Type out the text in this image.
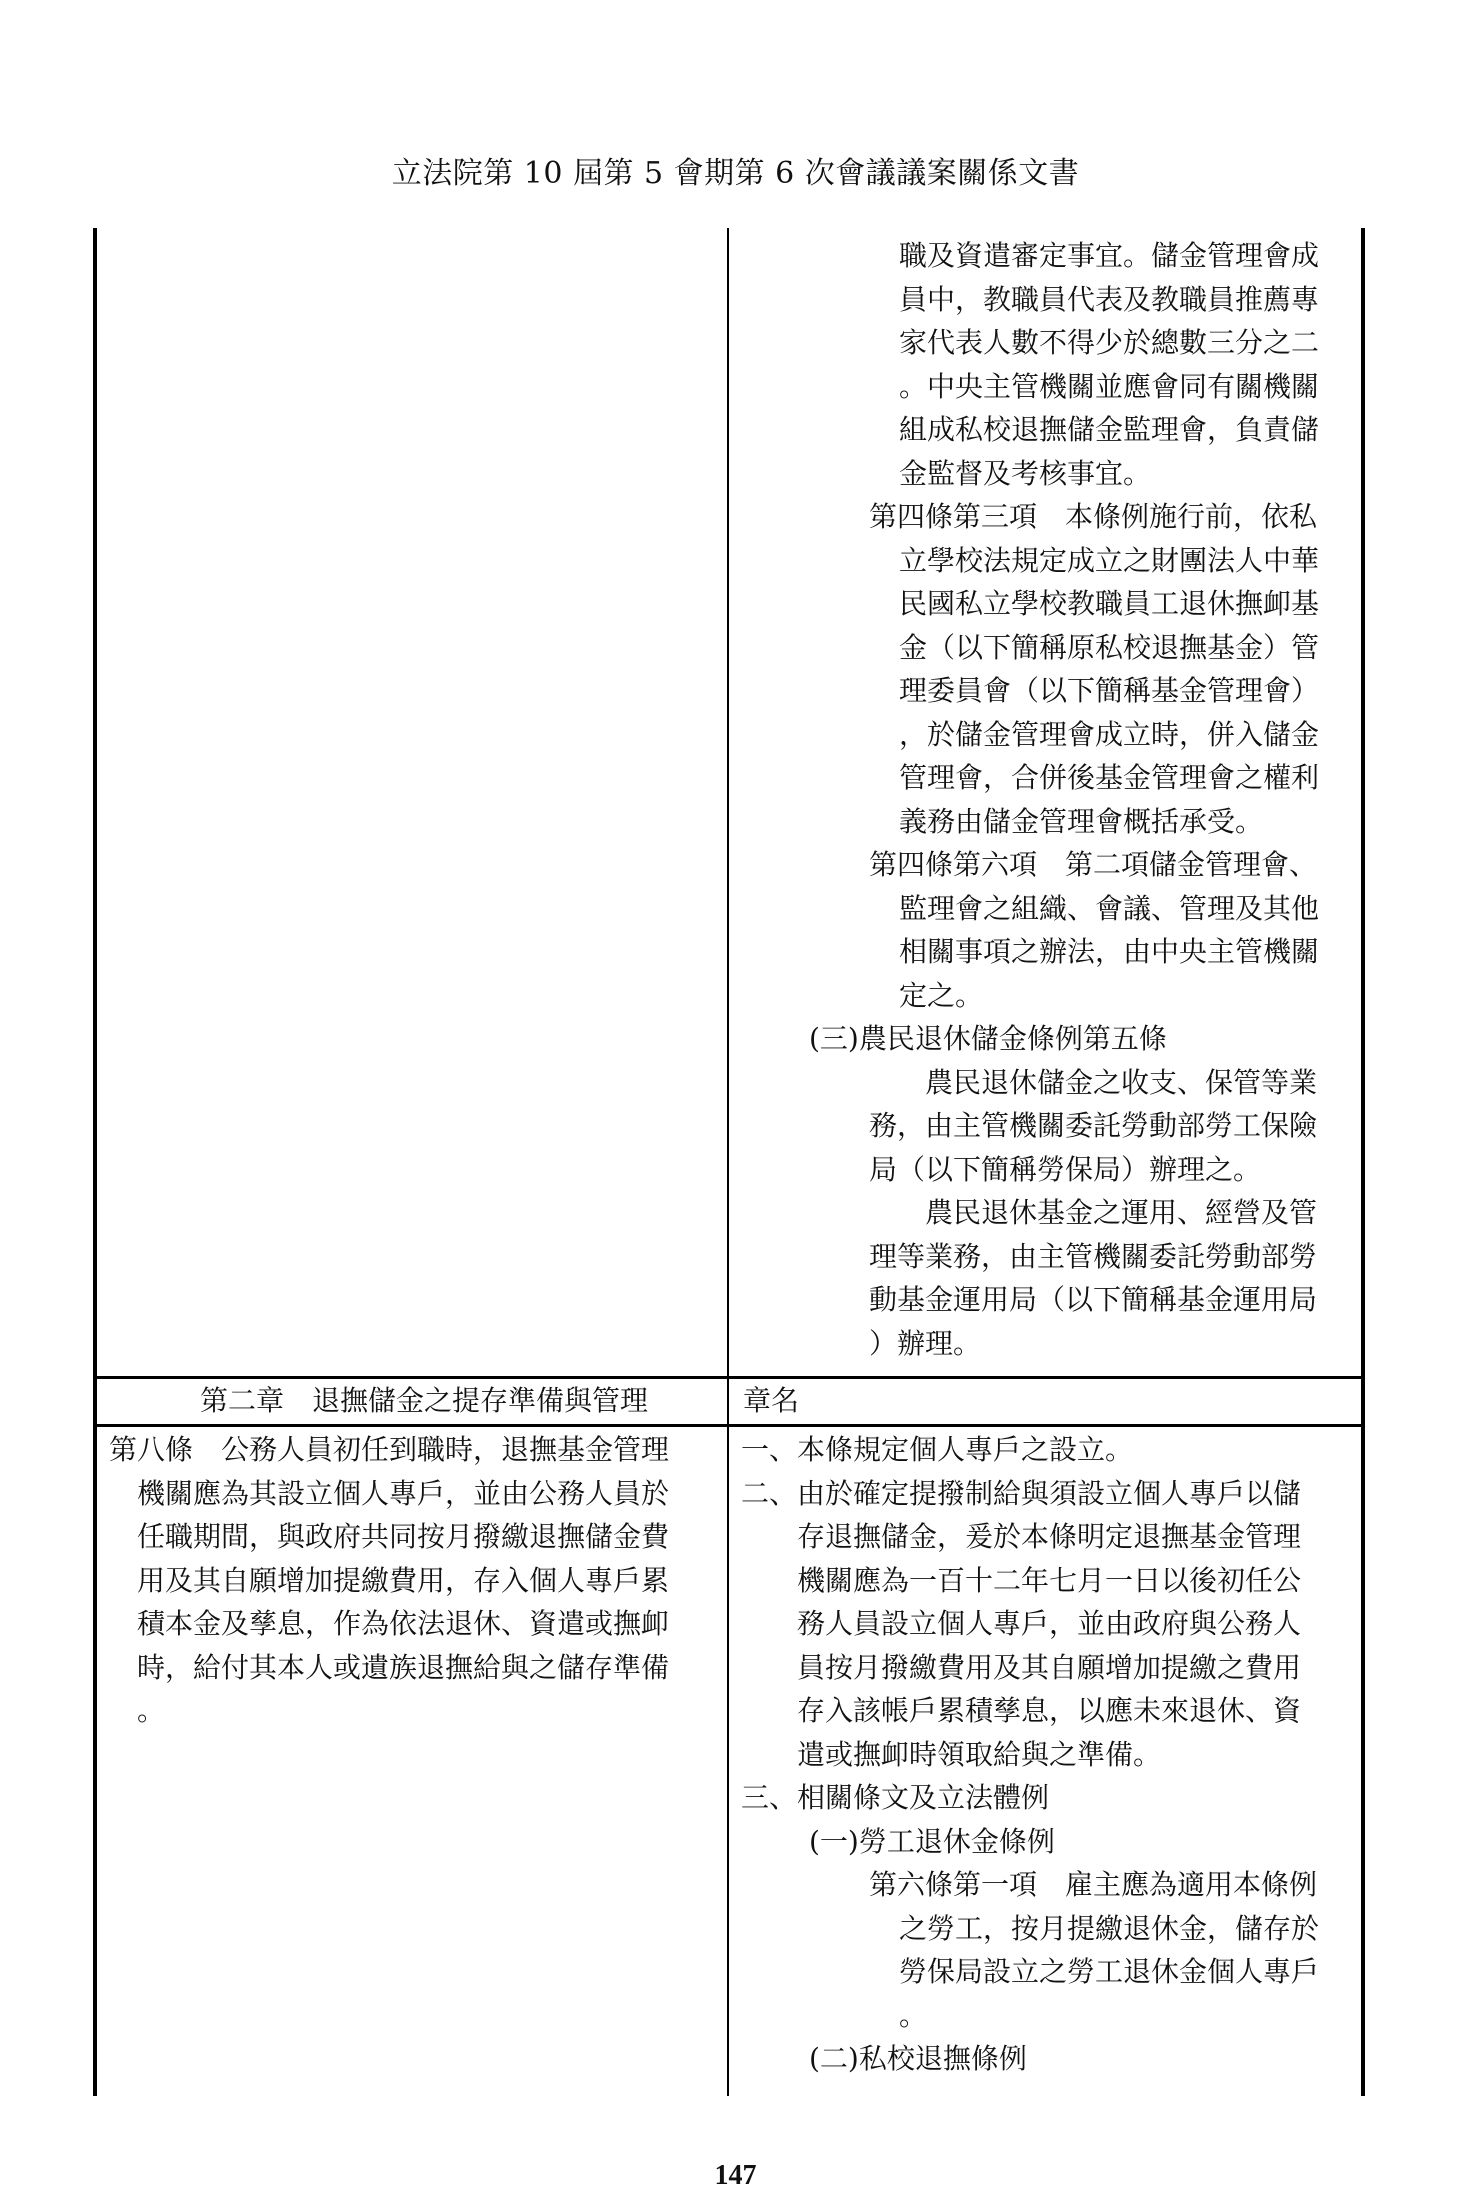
立法院第 10 屆第 5 會期第 6 次會議議案關係文書
職及資遣審定事宜。儲金管理會成
員中，教職員代表及教職員推薦專
家代表人數不得少於總數三分之二
。中央主管機關並應會同有關機關
組成私校退撫儲金監理會，負責儲
金監督及考核事宜。
第四條第三項　本條例施行前，依私
立學校法規定成立之財團法人中華
民國私立學校教職員工退休撫卹基
金（以下簡稱原私校退撫基金）管
理委員會（以下簡稱基金管理會）
，於儲金管理會成立時，併入儲金
管理會，合併後基金管理會之權利
義務由儲金管理會概括承受。
第四條第六項　第二項儲金管理會、
監理會之組織、會議、管理及其他
相關事項之辦法，由中央主管機關
定之。
(三)農民退休儲金條例第五條
　　農民退休儲金之收支、保管等業
務，由主管機關委託勞動部勞工保險
局（以下簡稱勞保局）辦理之。
　　農民退休基金之運用、經營及管
理等業務，由主管機關委託勞動部勞
動基金運用局（以下簡稱基金運用局
）辦理。
第二章　退撫儲金之提存準備與管理	章名
第八條　公務人員初任到職時，退撫基金管理
機關應為其設立個人專戶，並由公務人員於
任職期間，與政府共同按月撥繳退撫儲金費
用及其自願增加提繳費用，存入個人專戶累
積本金及孳息，作為依法退休、資遣或撫卹
時，給付其本人或遺族退撫給與之儲存準備
。
一、本條規定個人專戶之設立。
二、由於確定提撥制給與須設立個人專戶以儲
存退撫儲金，爰於本條明定退撫基金管理
機關應為一百十二年七月一日以後初任公
務人員設立個人專戶，並由政府與公務人
員按月撥繳費用及其自願增加提繳之費用
存入該帳戶累積孳息，以應未來退休、資
遣或撫卹時領取給與之準備。
三、相關條文及立法體例
(一)勞工退休金條例
第六條第一項　雇主應為適用本條例
之勞工，按月提繳退休金，儲存於
勞保局設立之勞工退休金個人專戶
。
(二)私校退撫條例
147
